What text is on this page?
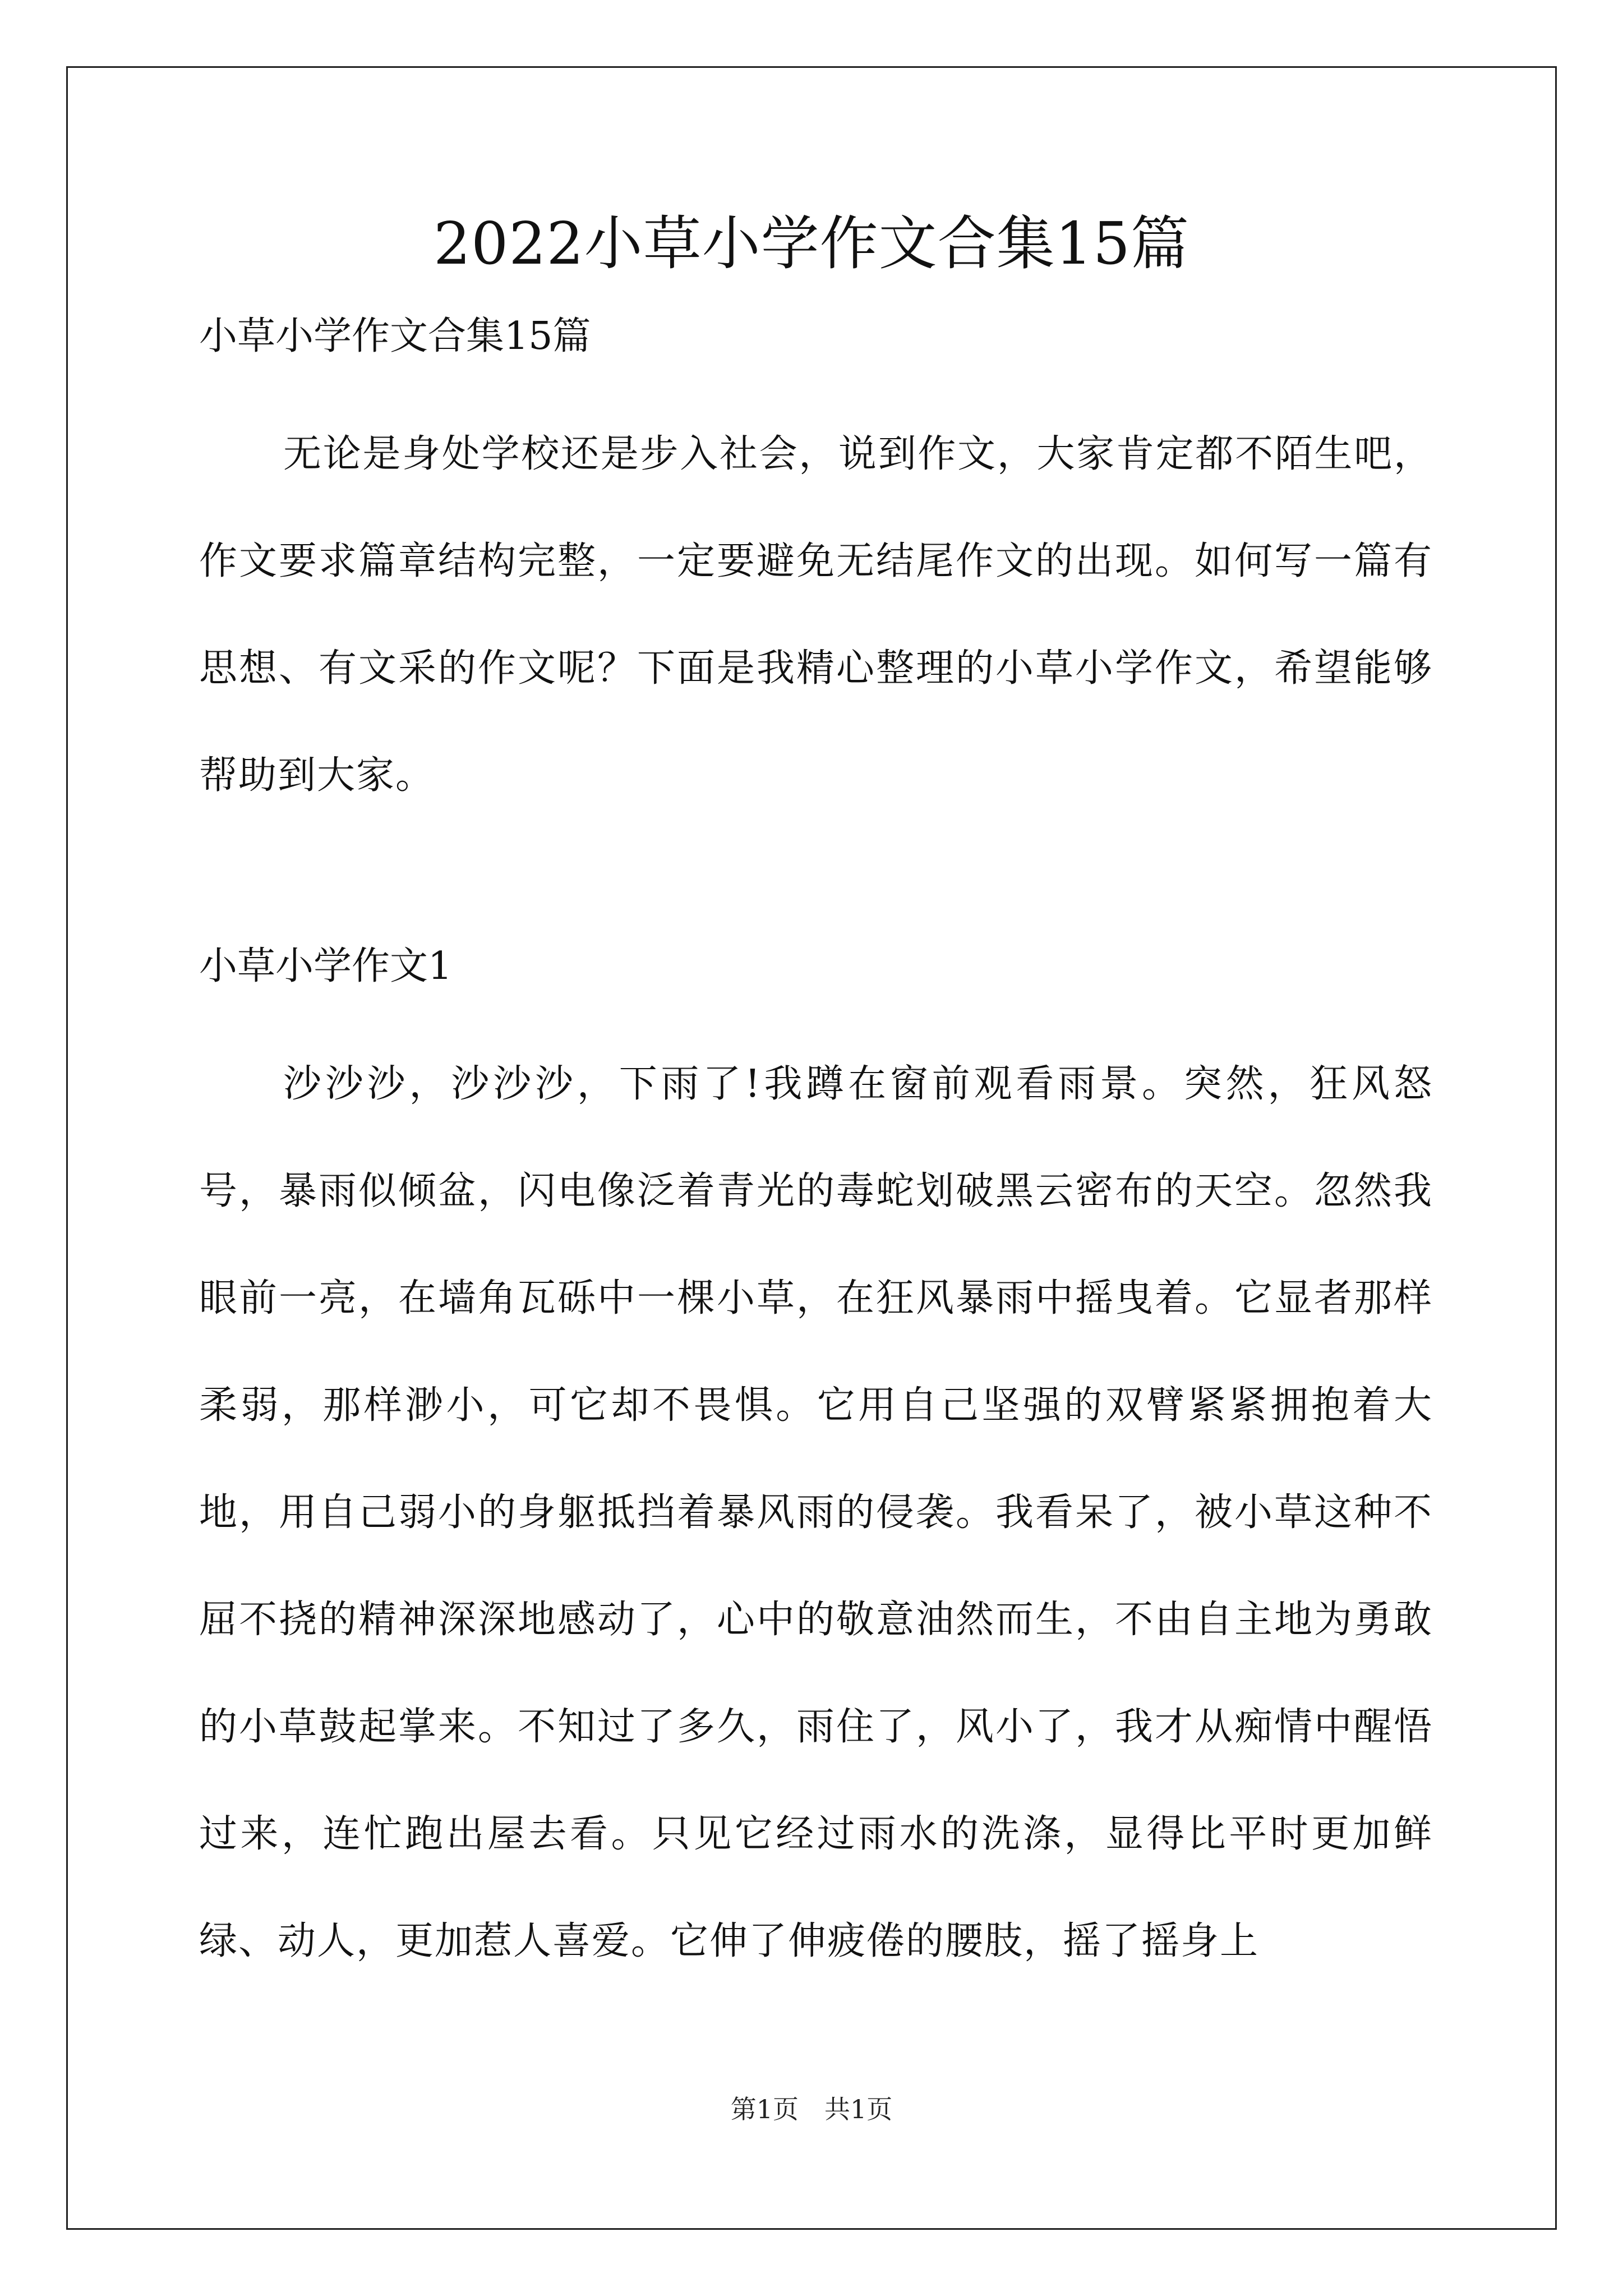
2022小草小学作文合集15篇

小草小学作文合集15篇

无论是身处学校还是步入社会，说到作文，大家肯定都不陌生吧，作文要求篇章结构完整，一定要避免无结尾作文的出现。如何写一篇有思想、有文采的作文呢？下面是我精心整理的小草小学作文，希望能够帮助到大家。

小草小学作文1

沙沙沙，沙沙沙，下雨了!我蹲在窗前观看雨景。突然，狂风怒号，暴雨似倾盆，闪电像泛着青光的毒蛇划破黑云密布的天空。忽然我眼前一亮，在墙角瓦砾中一棵小草，在狂风暴雨中摇曳着。它显者那样柔弱，那样渺小，可它却不畏惧。它用自己坚强的双臂紧紧拥抱着大地，用自己弱小的身躯抵挡着暴风雨的侵袭。我看呆了，被小草这种不屈不挠的精神深深地感动了，心中的敬意油然而生，不由自主地为勇敢的小草鼓起掌来。不知过了多久，雨住了，风小了，我才从痴情中醒悟过来，连忙跑出屋去看。只见它经过雨水的洗涤，显得比平时更加鲜绿、动人，更加惹人喜爱。它伸了伸疲倦的腰肢，摇了摇身上

第1页　共1页
